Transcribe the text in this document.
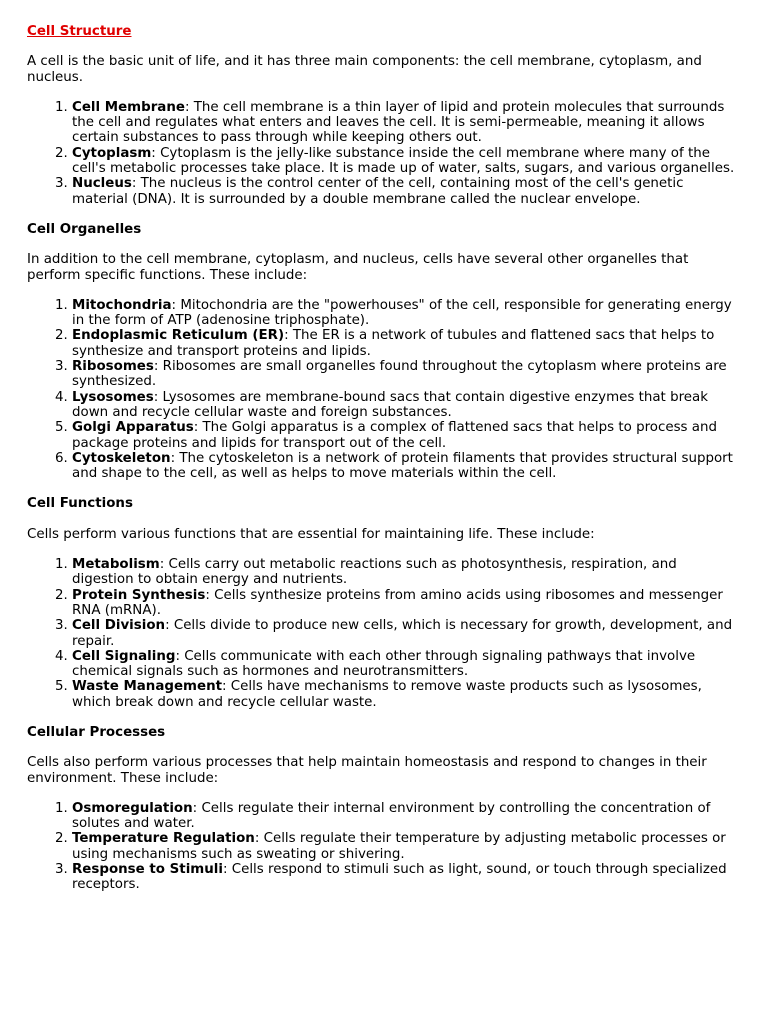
Cell Structure
A cell is the basic unit of life, and it has three main components: the cell membrane, cytoplasm, and nucleus.
1. Cell Membrane: The cell membrane is a thin layer of lipid and protein molecules that surrounds the cell and regulates what enters and leaves the cell. It is semi-permeable, meaning it allows certain substances to pass through while keeping others out.
2. Cytoplasm: Cytoplasm is the jelly-like substance inside the cell membrane where many of the cell's metabolic processes take place. It is made up of water, salts, sugars, and various organelles.
3. Nucleus: The nucleus is the control center of the cell, containing most of the cell's genetic material (DNA). It is surrounded by a double membrane called the nuclear envelope.
Cell Organelles
In addition to the cell membrane, cytoplasm, and nucleus, cells have several other organelles that perform specific functions. These include:
1. Mitochondria: Mitochondria are the "powerhouses" of the cell, responsible for generating energy in the form of ATP (adenosine triphosphate).
2. Endoplasmic Reticulum (ER): The ER is a network of tubules and flattened sacs that helps to synthesize and transport proteins and lipids.
3. Ribosomes: Ribosomes are small organelles found throughout the cytoplasm where proteins are synthesized.
4. Lysosomes: Lysosomes are membrane-bound sacs that contain digestive enzymes that break down and recycle cellular waste and foreign substances.
5. Golgi Apparatus: The Golgi apparatus is a complex of flattened sacs that helps to process and package proteins and lipids for transport out of the cell.
6. Cytoskeleton: The cytoskeleton is a network of protein filaments that provides structural support and shape to the cell, as well as helps to move materials within the cell.
Cell Functions
Cells perform various functions that are essential for maintaining life. These include:
1. Metabolism: Cells carry out metabolic reactions such as photosynthesis, respiration, and digestion to obtain energy and nutrients.
2. Protein Synthesis: Cells synthesize proteins from amino acids using ribosomes and messenger RNA (mRNA).
3. Cell Division: Cells divide to produce new cells, which is necessary for growth, development, and repair.
4. Cell Signaling: Cells communicate with each other through signaling pathways that involve chemical signals such as hormones and neurotransmitters.
5. Waste Management: Cells have mechanisms to remove waste products such as lysosomes, which break down and recycle cellular waste.
Cellular Processes
Cells also perform various processes that help maintain homeostasis and respond to changes in their environment. These include:
1. Osmoregulation: Cells regulate their internal environment by controlling the concentration of solutes and water.
2. Temperature Regulation: Cells regulate their temperature by adjusting metabolic processes or using mechanisms such as sweating or shivering.
3. Response to Stimuli: Cells respond to stimuli such as light, sound, or touch through specialized receptors.
